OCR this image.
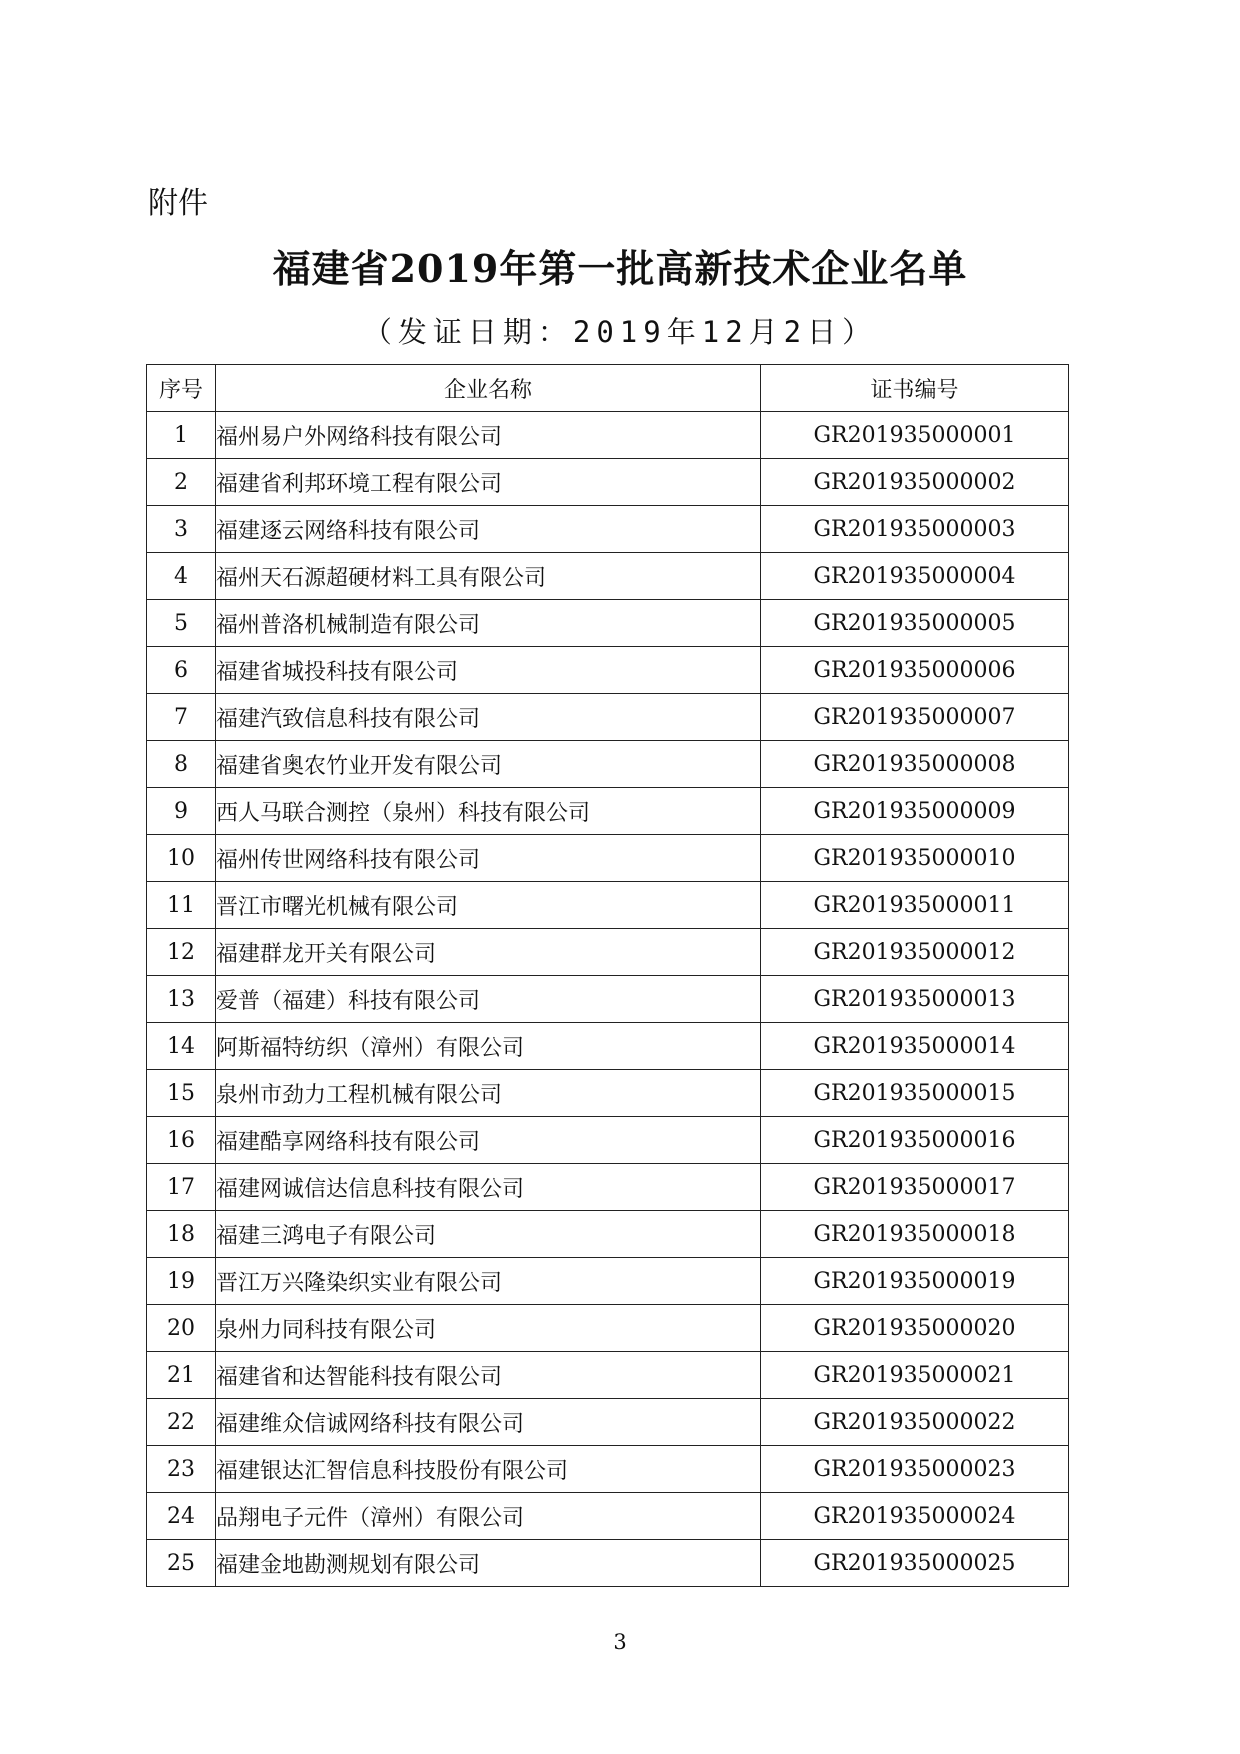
附件
福建省2019年第一批高新技术企业名单
（发证日期：2019年12月2日）
序号	企业名称	证书编号
1	福州易户外网络科技有限公司	GR201935000001
2	福建省利邦环境工程有限公司	GR201935000002
3	福建逐云网络科技有限公司	GR201935000003
4	福州天石源超硬材料工具有限公司	GR201935000004
5	福州普洛机械制造有限公司	GR201935000005
6	福建省城投科技有限公司	GR201935000006
7	福建汽致信息科技有限公司	GR201935000007
8	福建省奥农竹业开发有限公司	GR201935000008
9	西人马联合测控（泉州）科技有限公司	GR201935000009
10	福州传世网络科技有限公司	GR201935000010
11	晋江市曙光机械有限公司	GR201935000011
12	福建群龙开关有限公司	GR201935000012
13	爱普（福建）科技有限公司	GR201935000013
14	阿斯福特纺织（漳州）有限公司	GR201935000014
15	泉州市劲力工程机械有限公司	GR201935000015
16	福建酷享网络科技有限公司	GR201935000016
17	福建网诚信达信息科技有限公司	GR201935000017
18	福建三鸿电子有限公司	GR201935000018
19	晋江万兴隆染织实业有限公司	GR201935000019
20	泉州力同科技有限公司	GR201935000020
21	福建省和达智能科技有限公司	GR201935000021
22	福建维众信诚网络科技有限公司	GR201935000022
23	福建银达汇智信息科技股份有限公司	GR201935000023
24	品翔电子元件（漳州）有限公司	GR201935000024
25	福建金地勘测规划有限公司	GR201935000025
3
